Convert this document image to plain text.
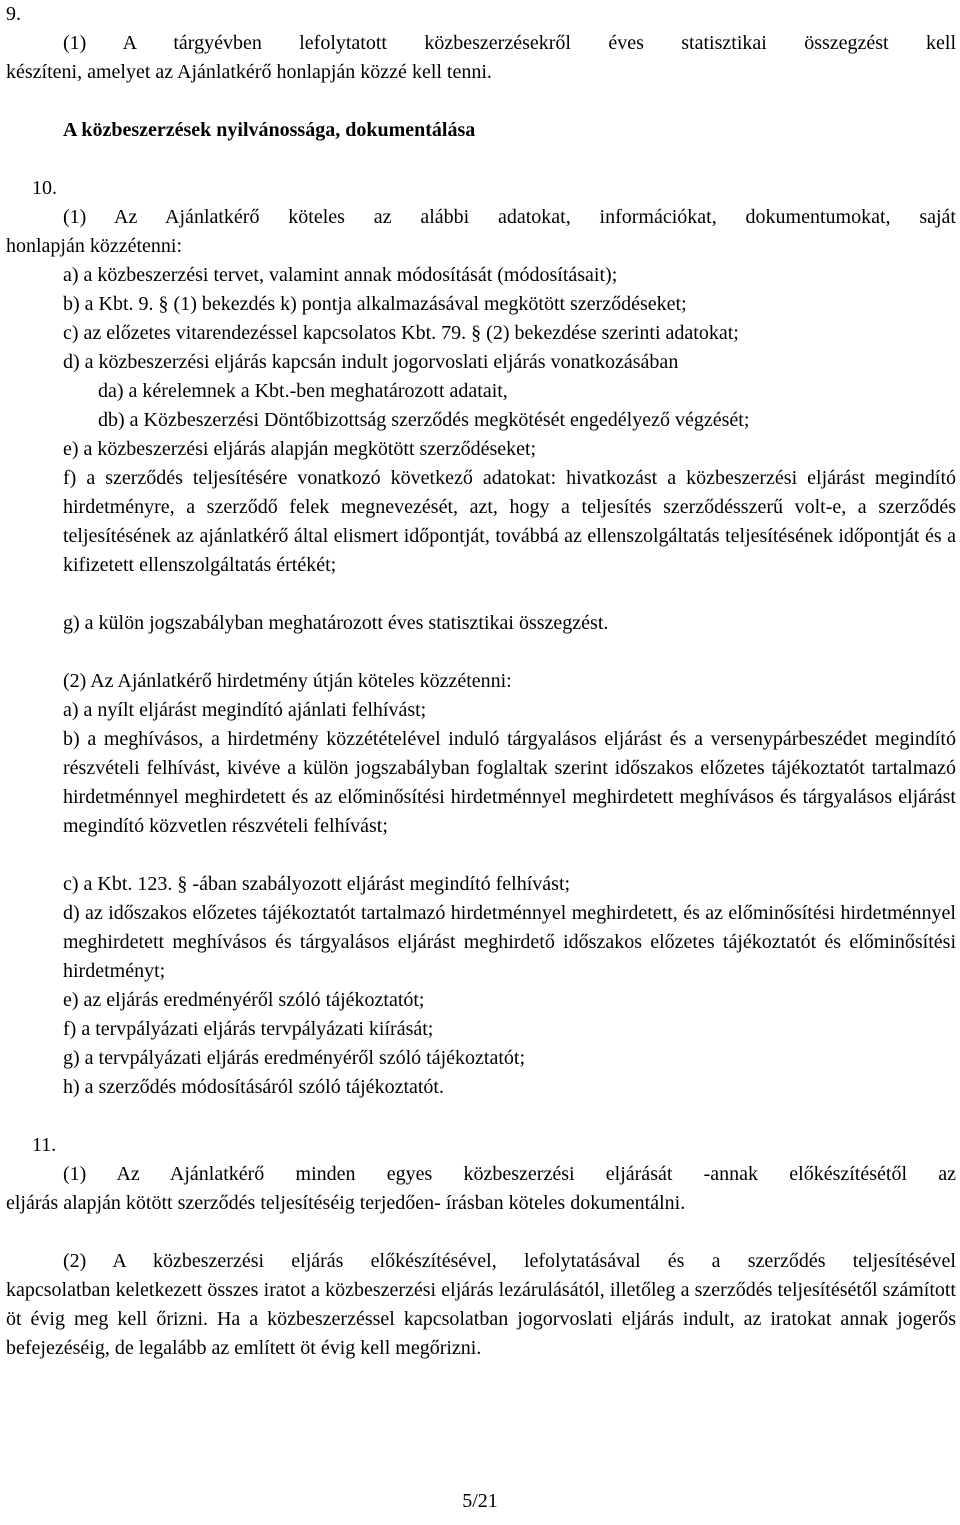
9.

(1) A tárgyévben lefolytatott közbeszerzésekről éves statisztikai összegzést kell

készíteni, amelyet az Ajánlatkérő honlapján közzé kell tenni.

A közbeszerzések nyilvánossága, dokumentálása

10.

(1) Az Ajánlatkérő köteles az alábbi adatokat, információkat, dokumentumokat, saját

honlapján közzétenni:

a) a közbeszerzési tervet, valamint annak módosítását (módosításait);

b) a Kbt. 9. § (1) bekezdés k) pontja alkalmazásával megkötött szerződéseket;

c) az előzetes vitarendezéssel kapcsolatos Kbt. 79. § (2) bekezdése szerinti adatokat;

d) a közbeszerzési eljárás kapcsán indult jogorvoslati eljárás vonatkozásában

da) a kérelemnek a Kbt.-ben meghatározott adatait,

db) a Közbeszerzési Döntőbizottság szerződés megkötését engedélyező végzését;

e) a közbeszerzési eljárás alapján megkötött szerződéseket;

f) a szerződés teljesítésére vonatkozó következő adatokat: hivatkozást a közbeszerzési eljárást megindító hirdetményre, a szerződő felek megnevezését, azt, hogy a teljesítés szerződésszerű volt-e, a szerződés teljesítésének az ajánlatkérő által elismert időpontját, továbbá az ellenszolgáltatás teljesítésének időpontját és a kifizetett ellenszolgáltatás értékét;

g) a külön jogszabályban meghatározott éves statisztikai összegzést.

(2) Az Ajánlatkérő hirdetmény útján köteles közzétenni:

a) a nyílt eljárást megindító ajánlati felhívást;

b) a meghívásos, a hirdetmény közzétételével induló tárgyalásos eljárást és a versenypárbeszédet megindító részvételi felhívást, kivéve a külön jogszabályban foglaltak szerint időszakos előzetes tájékoztatót tartalmazó hirdetménnyel meghirdetett és az előminősítési hirdetménnyel meghirdetett meghívásos és tárgyalásos eljárást megindító közvetlen részvételi felhívást;

c) a Kbt. 123. § -ában szabályozott eljárást megindító felhívást;

d) az időszakos előzetes tájékoztatót tartalmazó hirdetménnyel meghirdetett, és az előminősítési hirdetménnyel meghirdetett meghívásos és tárgyalásos eljárást meghirdető időszakos előzetes tájékoztatót és előminősítési hirdetményt;

e) az eljárás eredményéről szóló tájékoztatót;

f) a tervpályázati eljárás tervpályázati kiírását;

g) a tervpályázati eljárás eredményéről szóló tájékoztatót;

h) a szerződés módosításáról szóló tájékoztatót.

11.

(1) Az Ajánlatkérő minden egyes közbeszerzési eljárását -annak előkészítésétől az

eljárás alapján kötött szerződés teljesítéséig terjedően- írásban köteles dokumentálni.

(2) A közbeszerzési eljárás előkészítésével, lefolytatásával és a szerződés teljesítésével

kapcsolatban keletkezett összes iratot a közbeszerzési eljárás lezárulásától, illetőleg a szerződés teljesítésétől számított öt évig meg kell őrizni. Ha a közbeszerzéssel kapcsolatban jogorvoslati eljárás indult, az iratokat annak jogerős befejezéséig, de legalább az említett öt évig kell megőrizni.

5/21
